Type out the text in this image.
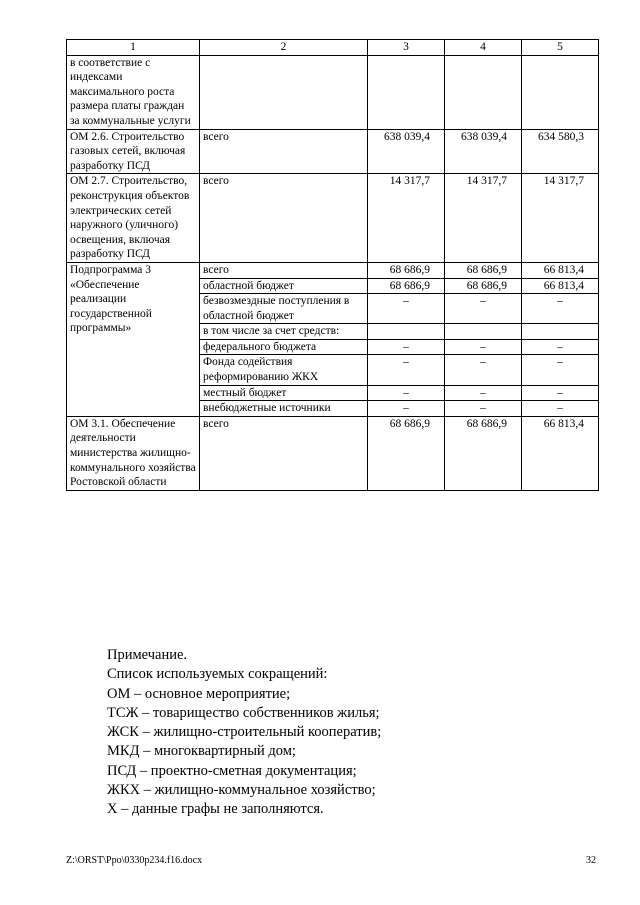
1	2	3	4	5
в соответствие с индексами максимального роста размера платы граждан за коммунальные услуги				
ОМ 2.6. Строительство газовых сетей, включая разработку ПСД	всего	638 039,4	638 039,4	634 580,3
ОМ 2.7. Строительство, реконструкция объектов электрических сетей наружного (уличного) освещения, включая разработку ПСД	всего	14 317,7	14 317,7	14 317,7
Подпрограмма 3 «Обеспечение реализации государственной программы»	всего	68 686,9	68 686,9	66 813,4
	областной бюджет	68 686,9	68 686,9	66 813,4
	безвозмездные поступления в областной бюджет	–	–	–
	в том числе за счет средств:			
	федерального бюджета	–	–	–
	Фонда содействия реформированию ЖКХ	–	–	–
	местный бюджет	–	–	–
	внебюджетные источники	–	–	–
ОМ 3.1. Обеспечение деятельности министерства жилищно-коммунального хозяйства Ростовской области	всего	68 686,9	68 686,9	66 813,4
Примечание.
Список используемых сокращений:
ОМ – основное мероприятие;
ТСЖ – товарищество собственников жилья;
ЖСК – жилищно-строительный кооператив;
МКД – многоквартирный дом;
ПСД – проектно-сметная документация;
ЖКХ – жилищно-коммунальное хозяйство;
Х – данные графы не заполняются.
Z:\ORST\Ppo\0330p234.f16.docx	32
